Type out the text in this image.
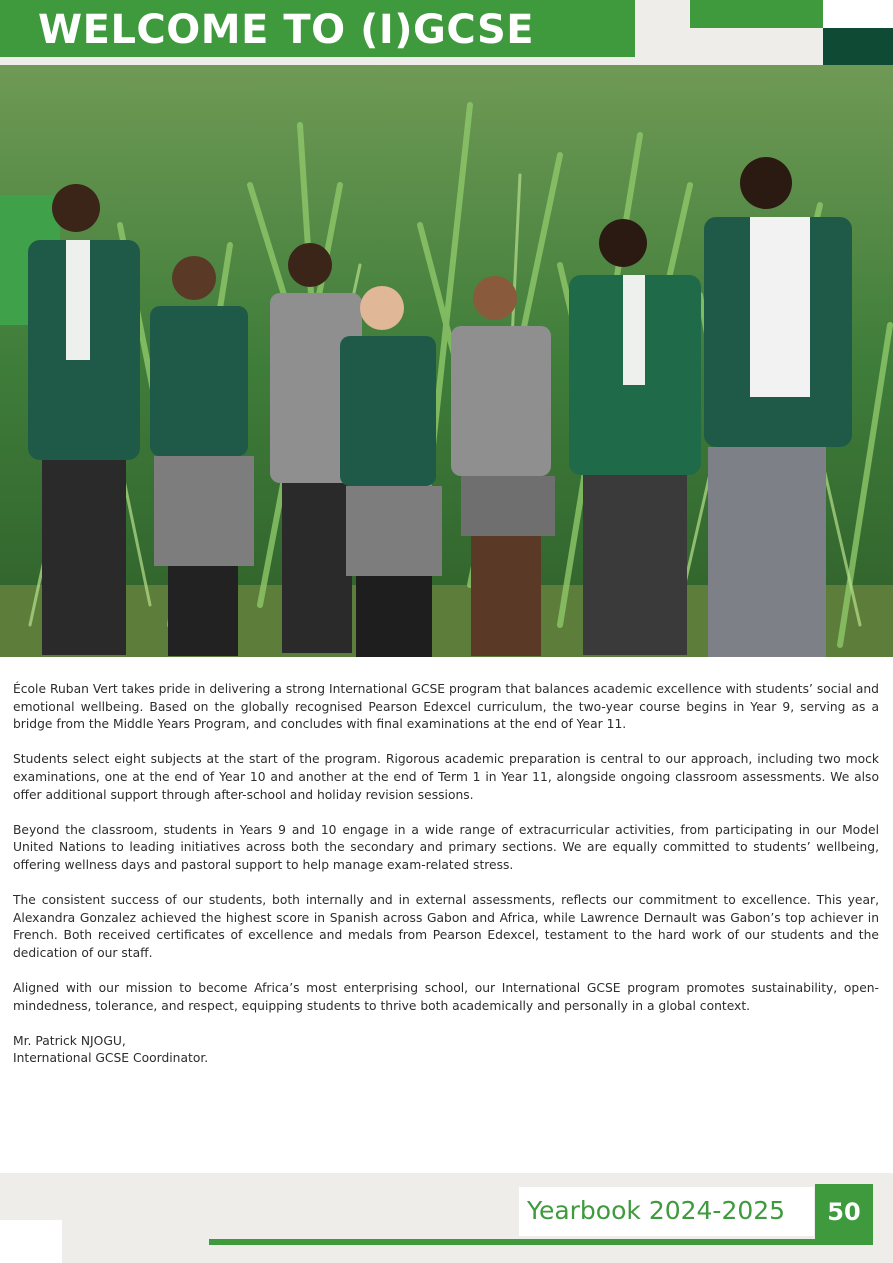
WELCOME TO (I)GCSE

École Ruban Vert takes pride in delivering a strong International GCSE program that balances academic excellence with students’ social and emotional wellbeing. Based on the globally recognised Pearson Edexcel curriculum, the two-year course begins in Year 9, serving as a bridge from the Middle Years Program, and concludes with final examinations at the end of Year 11.

Students select eight subjects at the start of the program. Rigorous academic preparation is central to our approach, including two mock examinations, one at the end of Year 10 and another at the end of Term 1 in Year 11, alongside ongoing classroom assessments. We also offer additional support through after-school and holiday revision sessions.

Beyond the classroom, students in Years 9 and 10 engage in a wide range of extracurricular activities, from participating in our Model United Nations to leading initiatives across both the secondary and primary sections. We are equally committed to students’ wellbeing, offering wellness days and pastoral support to help manage exam-related stress.

The consistent success of our students, both internally and in external assessments, reflects our commitment to excellence. This year, Alexandra Gonzalez achieved the highest score in Spanish across Gabon and Africa, while Lawrence Dernault was Gabon’s top achiever in French. Both received certificates of excellence and medals from Pearson Edexcel, testament to the hard work of our students and the dedication of our staff.

Aligned with our mission to become Africa’s most enterprising school, our International GCSE program promotes sustainability, open-mindedness, tolerance, and respect, equipping students to thrive both academically and personally in a global context.

Mr. Patrick NJOGU,

International GCSE Coordinator.

Yearbook 2024-2025	50
